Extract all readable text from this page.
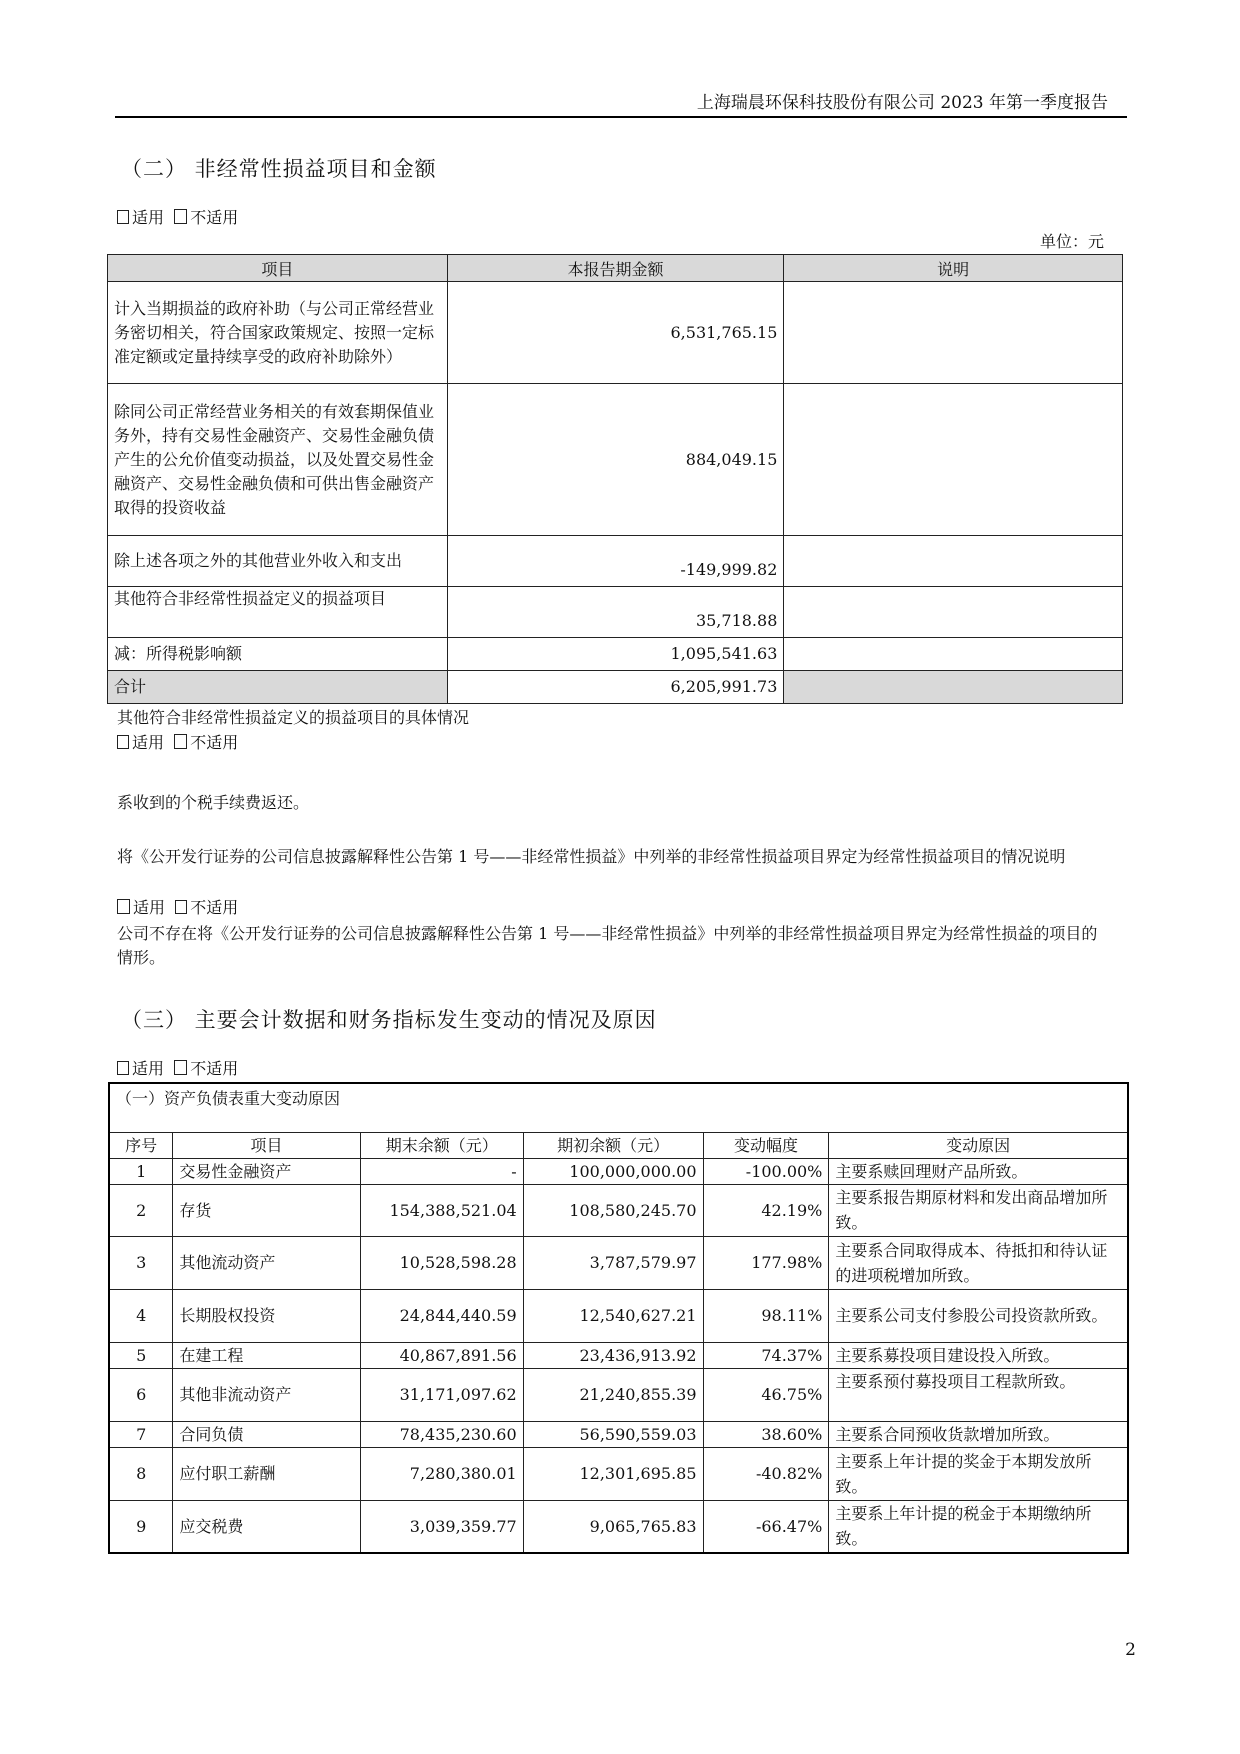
上海瑞晨环保科技股份有限公司 2023 年第一季度报告
（二） 非经常性损益项目和金额
适用 不适用
单位：元
项目	本报告期金额	说明
计入当期损益的政府补助（与公司正常经营业务密切相关，符合国家政策规定、按照一定标准定额或定量持续享受的政府补助除外）	6,531,765.15	
除同公司正常经营业务相关的有效套期保值业务外，持有交易性金融资产、交易性金融负债产生的公允价值变动损益，以及处置交易性金融资产、交易性金融负债和可供出售金融资产取得的投资收益	884,049.15	
除上述各项之外的其他营业外收入和支出	-149,999.82	
其他符合非经常性损益定义的损益项目	35,718.88	
减：所得税影响额	1,095,541.63	
合计	6,205,991.73	
其他符合非经常性损益定义的损益项目的具体情况
适用 不适用
系收到的个税手续费返还。
将《公开发行证券的公司信息披露解释性公告第 1 号——非经常性损益》中列举的非经常性损益项目界定为经常性损益项目的情况说明
适用 不适用
公司不存在将《公开发行证券的公司信息披露解释性公告第 1 号——非经常性损益》中列举的非经常性损益项目界定为经常性损益的项目的情形。
（三） 主要会计数据和财务指标发生变动的情况及原因
适用 不适用
（一）资产负债表重大变动原因					
序号	项目	期末余额（元）	期初余额（元）	变动幅度	变动原因
1	交易性金融资产	-	100,000,000.00	-100.00%	主要系赎回理财产品所致。
2	存货	154,388,521.04	108,580,245.70	42.19%	主要系报告期原材料和发出商品增加所致。
3	其他流动资产	10,528,598.28	3,787,579.97	177.98%	主要系合同取得成本、待抵扣和待认证的进项税增加所致。
4	长期股权投资	24,844,440.59	12,540,627.21	98.11%	主要系公司支付参股公司投资款所致。
5	在建工程	40,867,891.56	23,436,913.92	74.37%	主要系募投项目建设投入所致。
6	其他非流动资产	31,171,097.62	21,240,855.39	46.75%	主要系预付募投项目工程款所致。
7	合同负债	78,435,230.60	56,590,559.03	38.60%	主要系合同预收货款增加所致。
8	应付职工薪酬	7,280,380.01	12,301,695.85	-40.82%	主要系上年计提的奖金于本期发放所致。
9	应交税费	3,039,359.77	9,065,765.83	-66.47%	主要系上年计提的税金于本期缴纳所致。
2
